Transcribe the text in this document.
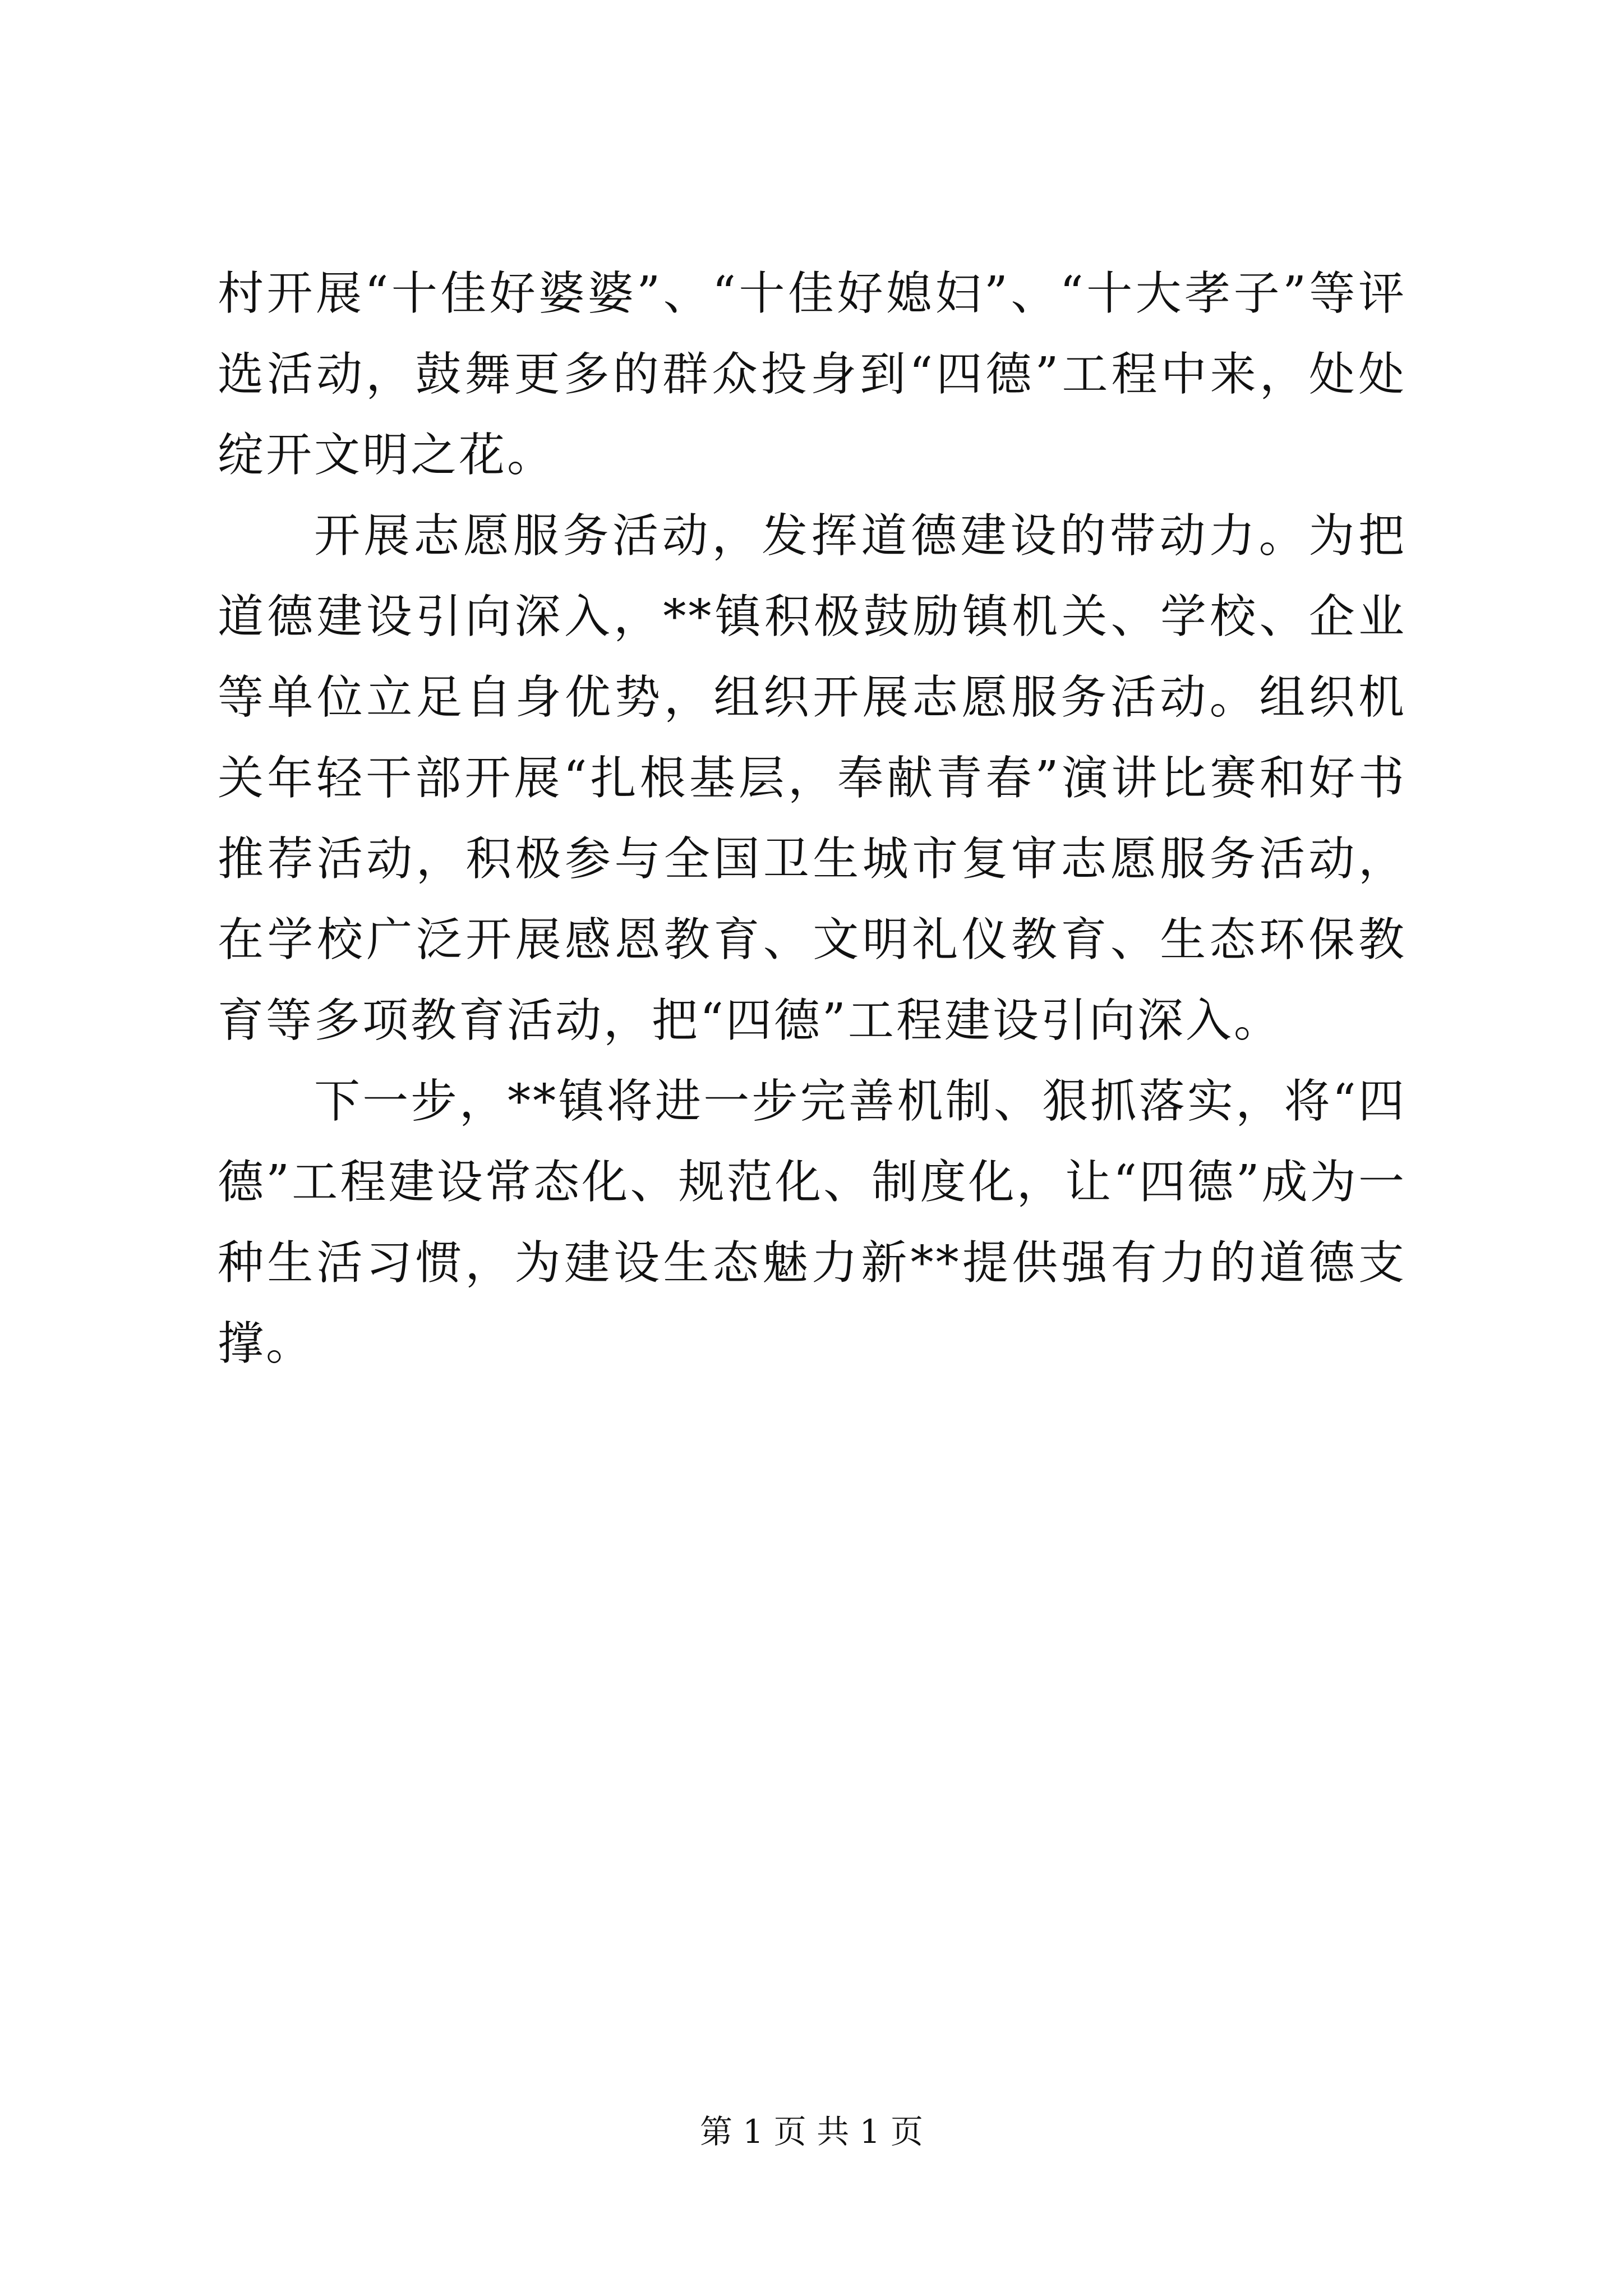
村开展“十佳好婆婆”、“十佳好媳妇”、“十大孝子”等评选活动，鼓舞更多的群众投身到“四德”工程中来，处处绽开文明之花。

开展志愿服务活动，发挥道德建设的带动力。为把道德建设引向深入，**镇积极鼓励镇机关、学校、企业等单位立足自身优势，组织开展志愿服务活动。组织机关年轻干部开展“扎根基层，奉献青春”演讲比赛和好书推荐活动，积极参与全国卫生城市复审志愿服务活动，在学校广泛开展感恩教育、文明礼仪教育、生态环保教育等多项教育活动，把“四德”工程建设引向深入。

下一步，**镇将进一步完善机制、狠抓落实，将“四德”工程建设常态化、规范化、制度化，让“四德”成为一种生活习惯，为建设生态魅力新**提供强有力的道德支撑。

第 1 页 共 1 页
